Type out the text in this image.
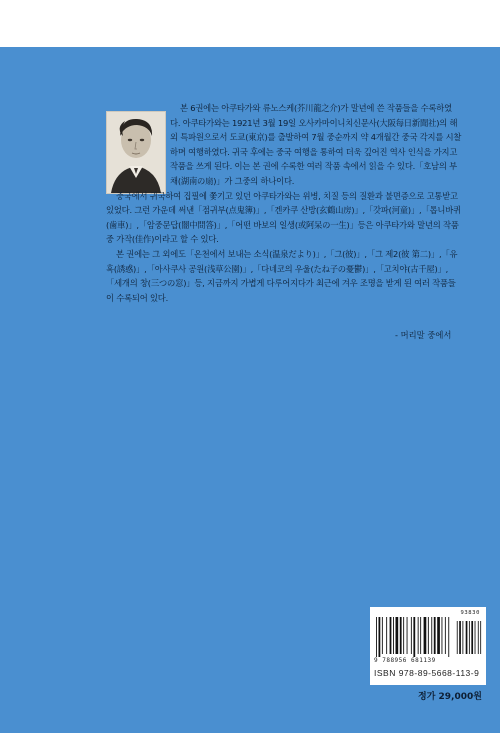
본 6권에는 아쿠타가와 류노스케(芥川龍之介)가 말년에 쓴 작품들을 수록하였다. 아쿠타가와는 1921년 3월 19일 오사카마이니치신문사(大阪每日新聞社)의 해외 특파원으로서 도쿄(東京)를 출발하여 7월 중순까지 약 4개월간 중국 각지를 시찰하며 여행하였다. 귀국 후에는 중국 여행을 통하여 더욱 깊어진 역사 인식을 가지고 작품을 쓰게 된다. 이는 본 권에 수록한 여러 작품 속에서 읽을 수 있다.「호남의 부채(湖南の扇)」가 그중의 하나이다.

중국에서 귀국하여 집필에 쫓기고 있던 아쿠타가와는 위병, 치질 등의 질환과 불면증으로 고통받고 있었다. 그런 가운데 써낸「점귀부(点鬼簿)」,「겐카쿠 산방(玄鶴山房)」,「갓파(河童)」,「톱니바퀴(歯車)」,「암중문답(闇中問答)」,「어떤 바보의 일생(或阿呆の一生)」등은 아쿠타가와 말년의 작품 중 가작(佳作)이라고 할 수 있다.

본 권에는 그 외에도「온천에서 보내는 소식(温泉だより)」,「그(彼)」,「그 제2(彼 第二)」,「유혹(誘惑)」,「아사쿠사 공원(浅草公園)」,「다네코의 우울(たね子の憂鬱)」,「고치야(古千屋)」,「세개의 창(三つの窓)」등, 지금까지 가볍게 다루어지다가 최근에 겨우 조명을 받게 된 여러 작품들이 수록되어 있다.

- 머리말 중에서
93830
9 788956 681139
ISBN 978-89-5668-113-9
정가 29,000원
